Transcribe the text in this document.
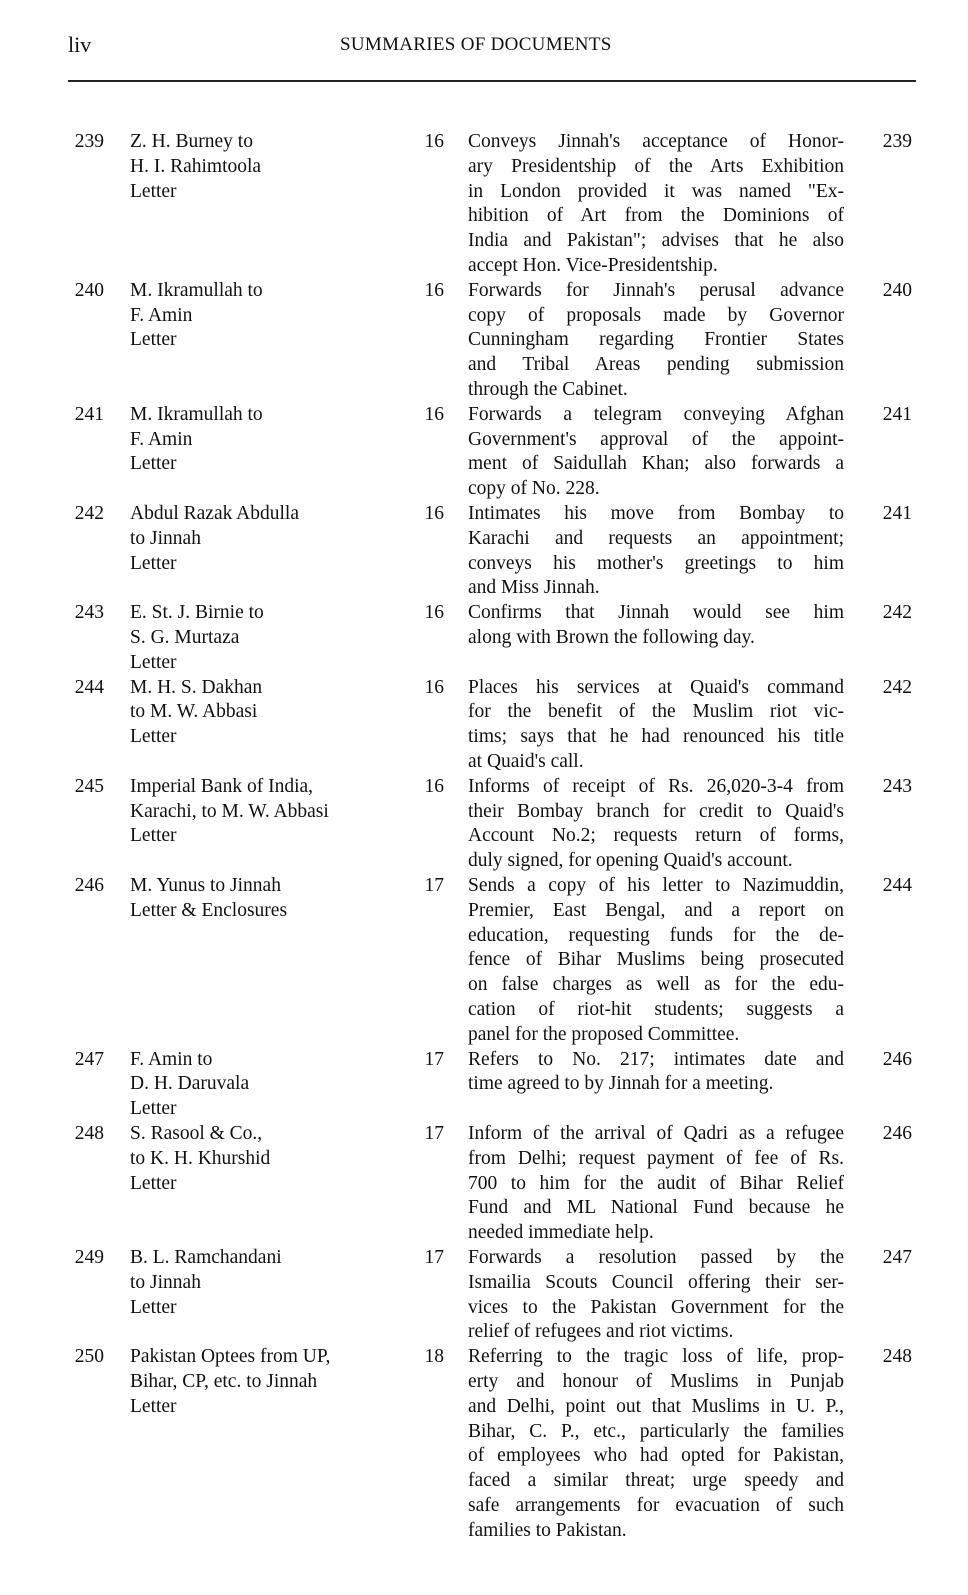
liv	SUMMARIES OF DOCUMENTS
239 Z. H. Burney to
H. I. Rahimtoola
Letter
16 Conveys Jinnah's acceptance of Honor-
ary Presidentship of the Arts Exhibition
in London provided it was named "Ex-
hibition of Art from the Dominions of
India and Pakistan"; advises that he also
accept Hon. Vice-Presidentship.
239
240 M. Ikramullah to
F. Amin
Letter
16 Forwards for Jinnah's perusal advance
copy of proposals made by Governor
Cunningham regarding Frontier States
and Tribal Areas pending submission
through the Cabinet.
240
241 M. Ikramullah to
F. Amin
Letter
16 Forwards a telegram conveying Afghan
Government's approval of the appoint-
ment of Saidullah Khan; also forwards a
copy of No. 228.
241
242 Abdul Razak Abdulla
to Jinnah
Letter
16 Intimates his move from Bombay to
Karachi and requests an appointment;
conveys his mother's greetings to him
and Miss Jinnah.
241
243 E. St. J. Birnie to
S. G. Murtaza
Letter
16 Confirms that Jinnah would see him
along with Brown the following day.
242
244 M. H. S. Dakhan
to M. W. Abbasi
Letter
16 Places his services at Quaid's command
for the benefit of the Muslim riot vic-
tims; says that he had renounced his title
at Quaid's call.
242
245 Imperial Bank of India,
Karachi, to M. W. Abbasi
Letter
16 Informs of receipt of Rs. 26,020-3-4 from
their Bombay branch for credit to Quaid's
Account No.2; requests return of forms,
duly signed, for opening Quaid's account.
243
246 M. Yunus to Jinnah
Letter & Enclosures
17 Sends a copy of his letter to Nazimuddin,
Premier, East Bengal, and a report on
education, requesting funds for the de-
fence of Bihar Muslims being prosecuted
on false charges as well as for the edu-
cation of riot-hit students; suggests a
panel for the proposed Committee.
244
247 F. Amin to
D. H. Daruvala
Letter
17 Refers to No. 217; intimates date and
time agreed to by Jinnah for a meeting.
246
248 S. Rasool & Co.,
to K. H. Khurshid
Letter
17 Inform of the arrival of Qadri as a refugee
from Delhi; request payment of fee of Rs.
700 to him for the audit of Bihar Relief
Fund and ML National Fund because he
needed immediate help.
246
249 B. L. Ramchandani
to Jinnah
Letter
17 Forwards a resolution passed by the
Ismailia Scouts Council offering their ser-
vices to the Pakistan Government for the
relief of refugees and riot victims.
247
250 Pakistan Optees from UP,
Bihar, CP, etc. to Jinnah
Letter
18 Referring to the tragic loss of life, prop-
erty and honour of Muslims in Punjab
and Delhi, point out that Muslims in U. P.,
Bihar, C. P., etc., particularly the families
of employees who had opted for Pakistan,
faced a similar threat; urge speedy and
safe arrangements for evacuation of such
families to Pakistan.
248
